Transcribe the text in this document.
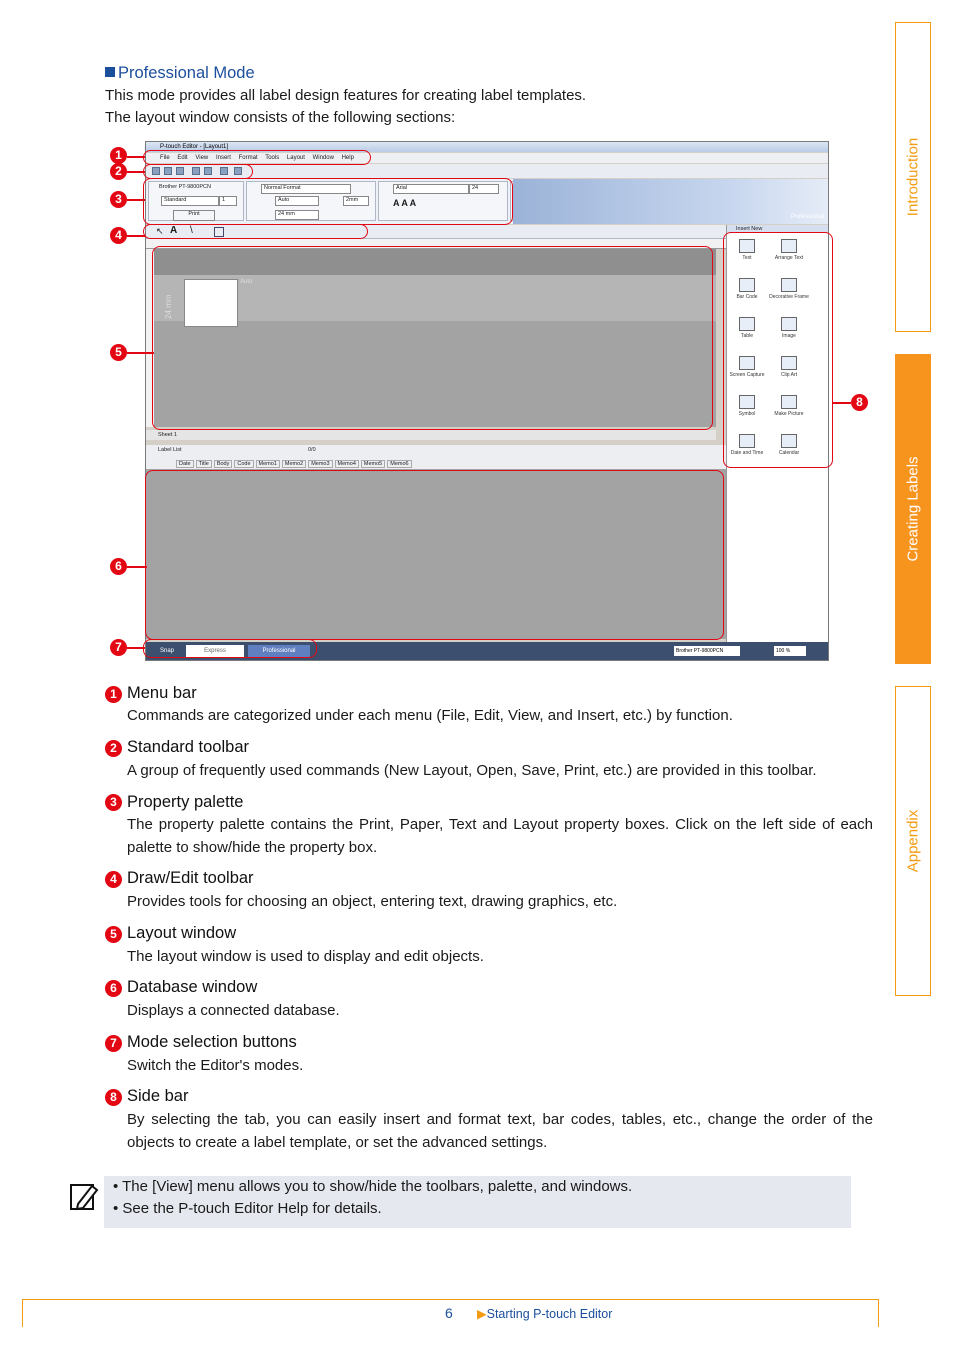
Introduction
Creating Labels
Appendix
Professional Mode
This mode provides all label design features for creating label templates.
The layout window consists of the following sections:
P-touch Editor - [Layout1]
File Edit View Insert Format Tools Layout Window Help
Brother PT-9800PCN
Standard	1
Print
Normal Format
Auto	2mm
24 mm
Arial	24
A A A
Professional
↖ A \
Auto
24 mm
Sheet 1
Label List	0/0
Date	Title	Body	Code	Memo1	Memo2	Memo3	Memo4	Memo5	Memo6
Snap	Express	Professional	Brother PT-9800PCN	100 %
Insert New
Text	Arrange Text
Bar Code	Decorative Frame
Table	Image
Screen Capture	Clip Art
Symbol	Make Picture
Date and Time	Calendar
1
2
3
4
5
6
7
8
1 Menu bar
Commands are categorized under each menu (File, Edit, View, and Insert, etc.) by function.
2 Standard toolbar
A group of frequently used commands (New Layout, Open, Save, Print, etc.) are provided in this toolbar.
3 Property palette
The property palette contains the Print, Paper, Text and Layout property boxes. Click on the left side of each palette to show/hide the property box.
4 Draw/Edit toolbar
Provides tools for choosing an object, entering text, drawing graphics, etc.
5 Layout window
The layout window is used to display and edit objects.
6 Database window
Displays a connected database.
7 Mode selection buttons
Switch the Editor's modes.
8 Side bar
By selecting the tab, you can easily insert and format text, bar codes, tables, etc., change the order of the objects to create a label template, or set the advanced settings.
• The [View] menu allows you to show/hide the toolbars, palette, and windows.
• See the P-touch Editor Help for details.
6 ▶Starting P-touch Editor
